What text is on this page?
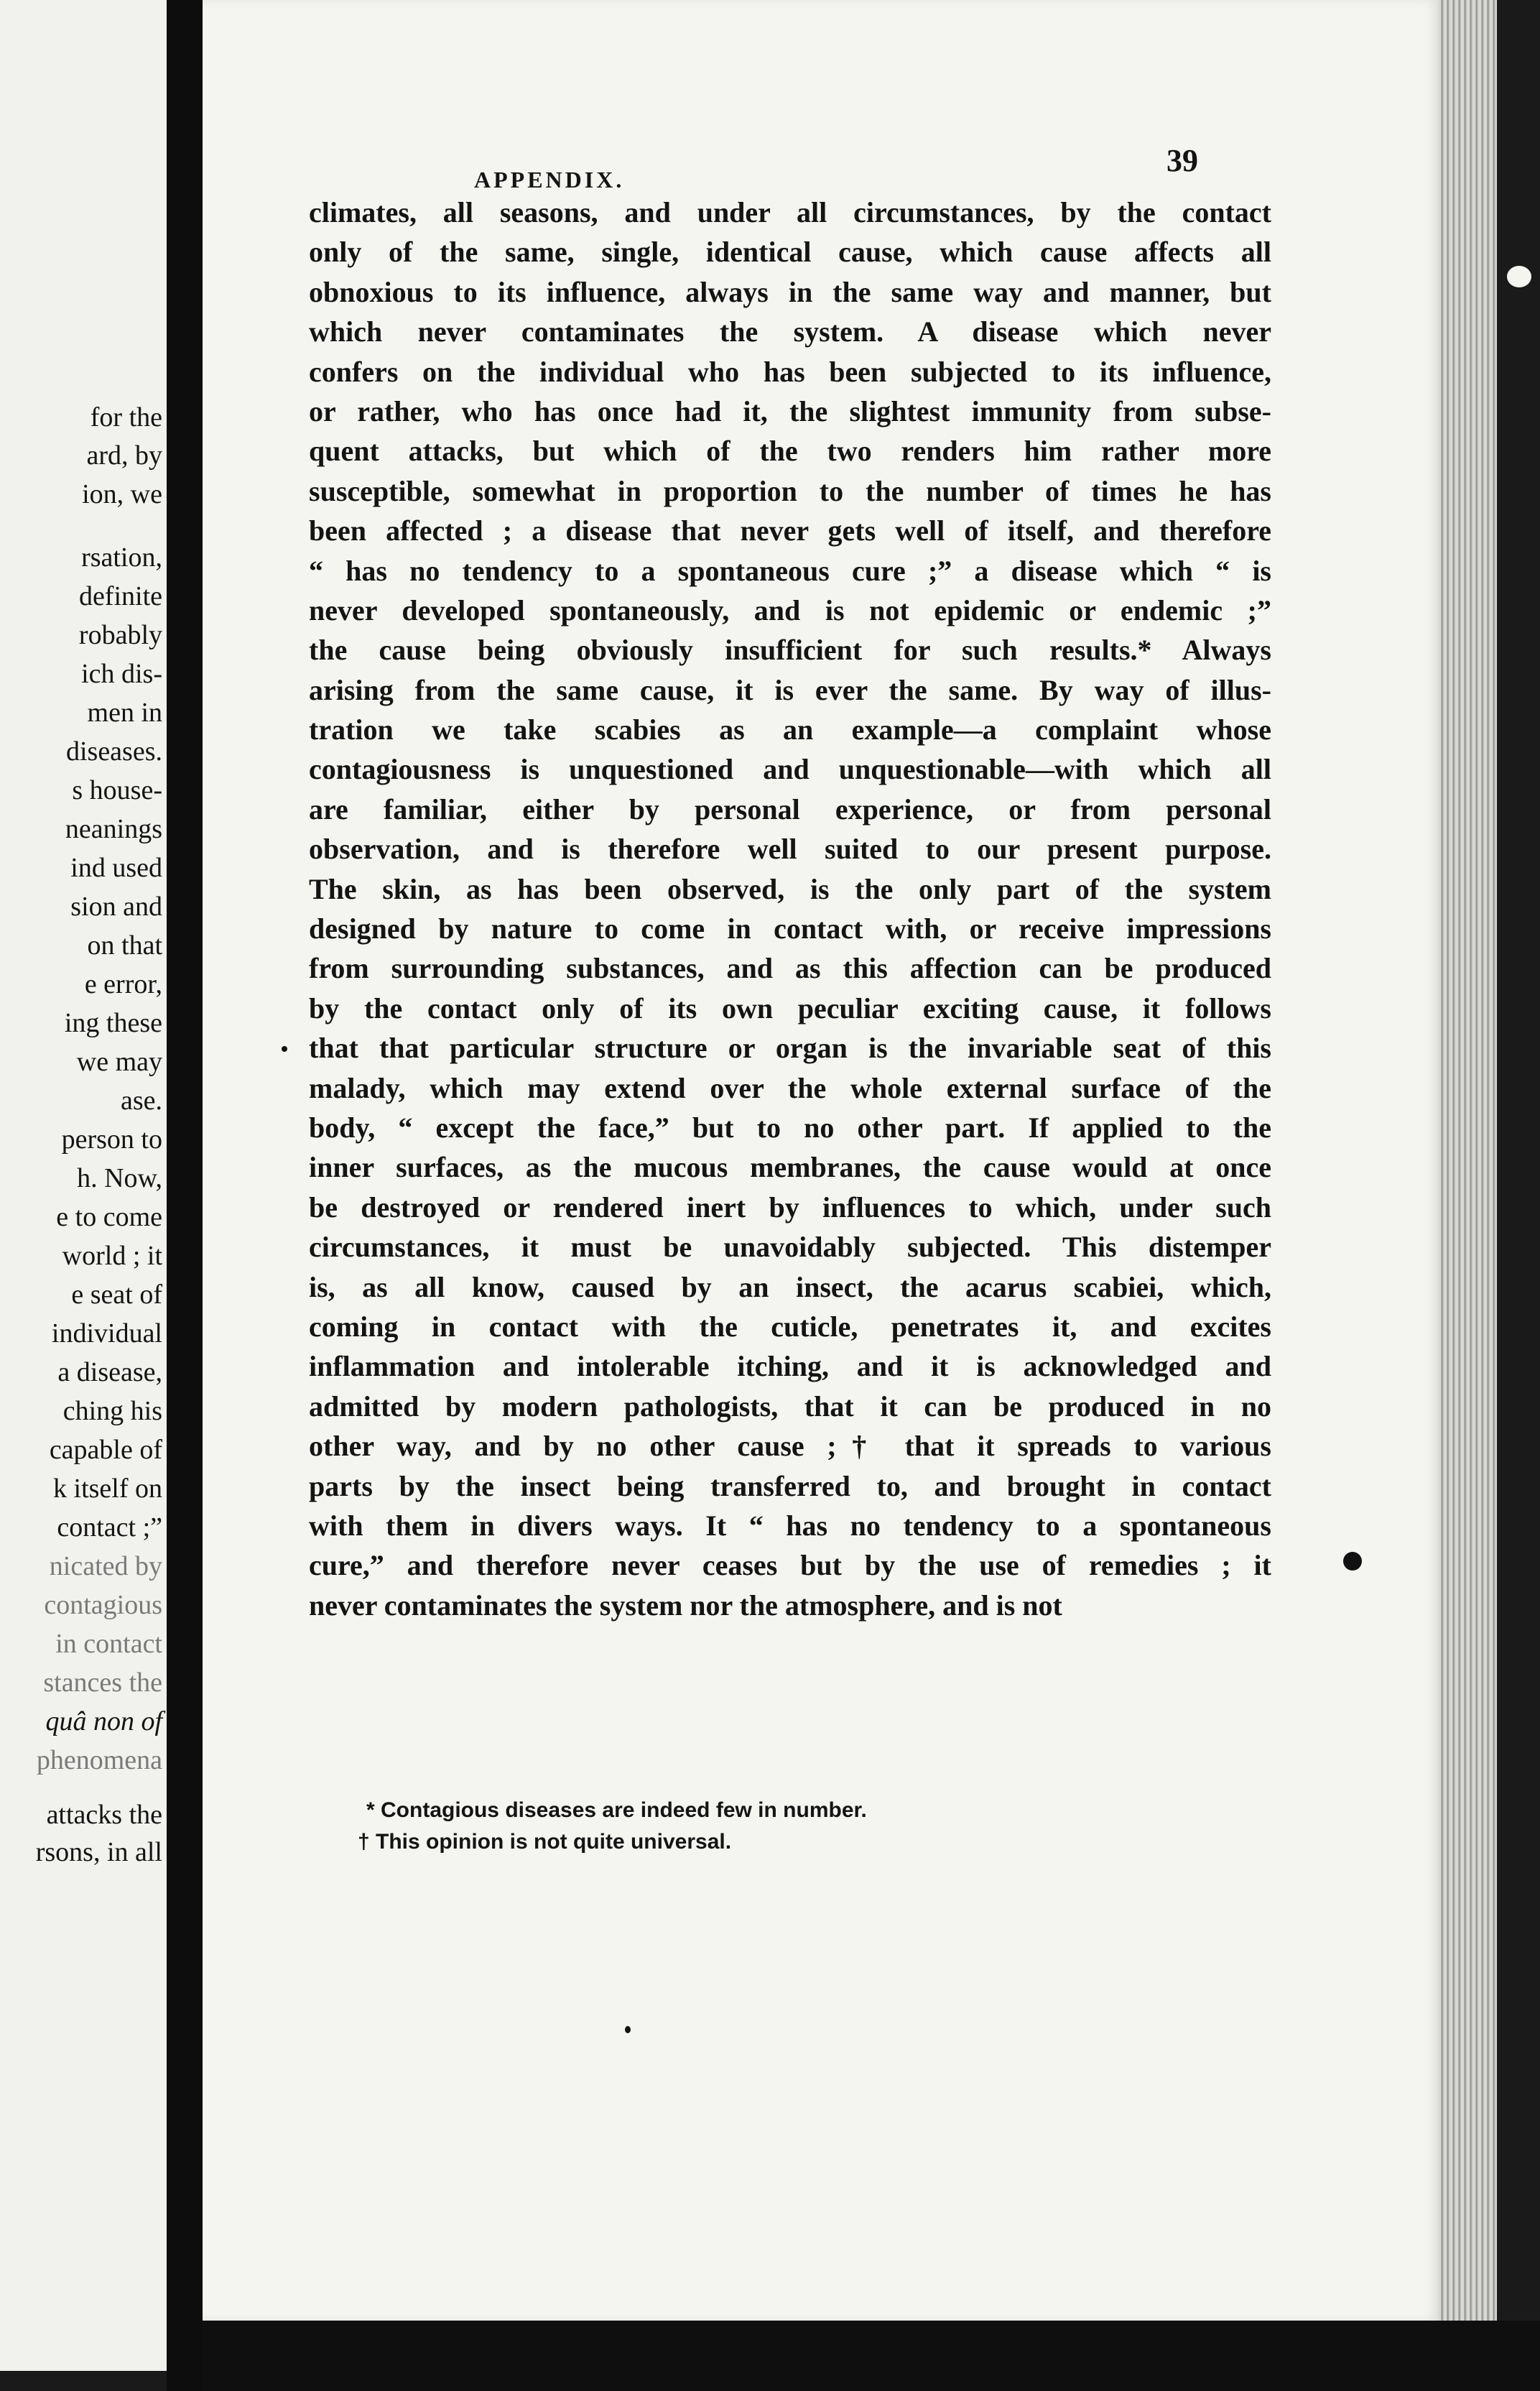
for the
ard, by
ion, we
rsation,
definite
robably
ich dis-
men in
diseases.
s house-
neanings
ind used
sion and
on that
e error,
ing these
we may
ase.
person to
h. Now,
e to come
world ; it
e seat of
individual
a disease,
ching his
capable of
k itself on
contact ;”
nicated by
contagious
in contact
stances the
quâ non of
phenomena
attacks the
rsons, in all
APPENDIX.
39
climates, all seasons, and under all circumstances, by the contact
only of the same, single, identical cause, which cause affects all
obnoxious to its influence, always in the same way and manner, but
which never contaminates the system. A disease which never
confers on the individual who has been subjected to its influence,
or rather, who has once had it, the slightest immunity from subse-
quent attacks, but which of the two renders him rather more
susceptible, somewhat in proportion to the number of times he has
been affected ; a disease that never gets well of itself, and therefore
“ has no tendency to a spontaneous cure ;” a disease which “ is
never developed spontaneously, and is not epidemic or endemic ;”
the cause being obviously insufficient for such results.* Always
arising from the same cause, it is ever the same. By way of illus-
tration we take scabies as an example—a complaint whose
contagiousness is unquestioned and unquestionable—with which all
are familiar, either by personal experience, or from personal
observation, and is therefore well suited to our present purpose.
The skin, as has been observed, is the only part of the system
designed by nature to come in contact with, or receive impressions
from surrounding substances, and as this affection can be produced
by the contact only of its own peculiar exciting cause, it follows
that that particular structure or organ is the invariable seat of this
malady, which may extend over the whole external surface of the
body, “ except the face,” but to no other part. If applied to the
inner surfaces, as the mucous membranes, the cause would at once
be destroyed or rendered inert by influences to which, under such
circumstances, it must be unavoidably subjected. This distemper
is, as all know, caused by an insect, the acarus scabiei, which,
coming in contact with the cuticle, penetrates it, and excites
inflammation and intolerable itching, and it is acknowledged and
admitted by modern pathologists, that it can be produced in no
other way, and by no other cause ;† that it spreads to various
parts by the insect being transferred to, and brought in contact
with them in divers ways. It “ has no tendency to a spontaneous
cure,” and therefore never ceases but by the use of remedies ; it
never contaminates the system nor the atmosphere, and is not
* Contagious diseases are indeed few in number.
† This opinion is not quite universal.
